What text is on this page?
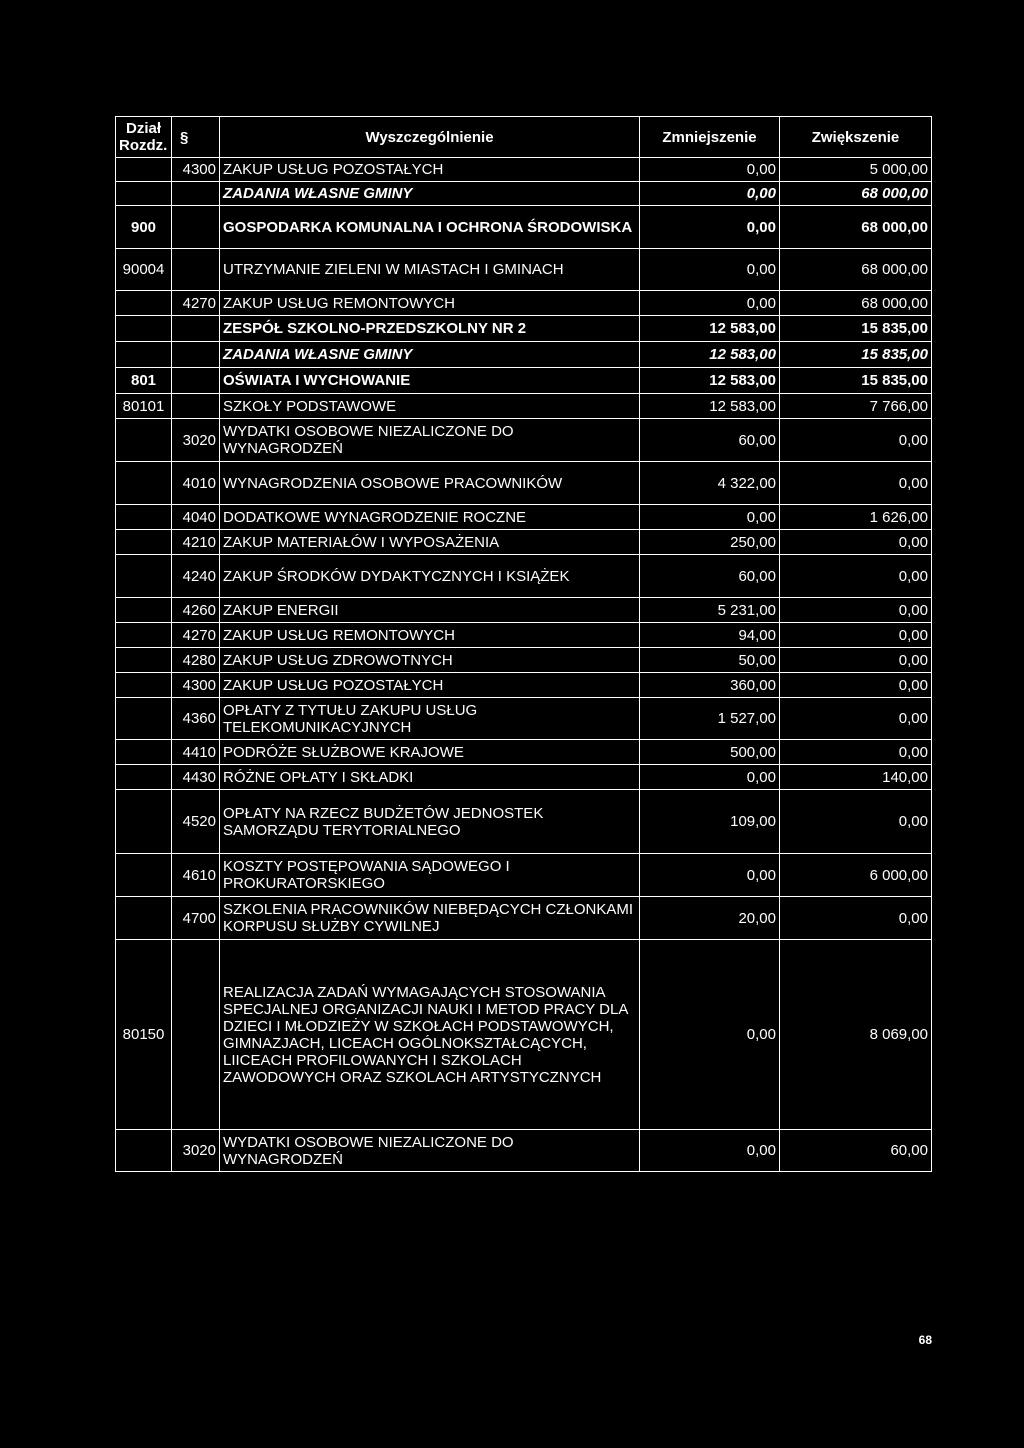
Dział
Rozdz.	§	Wyszczególnienie	Zmniejszenie	Zwiększenie
	4300	ZAKUP USŁUG POZOSTAŁYCH	0,00	5 000,00
		ZADANIA WŁASNE GMINY	0,00	68 000,00
900		GOSPODARKA KOMUNALNA I OCHRONA ŚRODOWISKA	0,00	68 000,00
90004		UTRZYMANIE ZIELENI W MIASTACH I GMINACH	0,00	68 000,00
	4270	ZAKUP USŁUG REMONTOWYCH	0,00	68 000,00
		ZESPÓŁ SZKOLNO-PRZEDSZKOLNY NR 2	12 583,00	15 835,00
		ZADANIA WŁASNE GMINY	12 583,00	15 835,00
801		OŚWIATA I WYCHOWANIE	12 583,00	15 835,00
80101		SZKOŁY PODSTAWOWE	12 583,00	7 766,00
	3020	WYDATKI OSOBOWE NIEZALICZONE DO WYNAGRODZEŃ	60,00	0,00
	4010	WYNAGRODZENIA OSOBOWE PRACOWNIKÓW	4 322,00	0,00
	4040	DODATKOWE WYNAGRODZENIE ROCZNE	0,00	1 626,00
	4210	ZAKUP MATERIAŁÓW I WYPOSAŻENIA	250,00	0,00
	4240	ZAKUP ŚRODKÓW DYDAKTYCZNYCH I KSIĄŻEK	60,00	0,00
	4260	ZAKUP ENERGII	5 231,00	0,00
	4270	ZAKUP USŁUG REMONTOWYCH	94,00	0,00
	4280	ZAKUP USŁUG ZDROWOTNYCH	50,00	0,00
	4300	ZAKUP USŁUG POZOSTAŁYCH	360,00	0,00
	4360	OPŁATY Z TYTUŁU ZAKUPU USŁUG TELEKOMUNIKACYJNYCH	1 527,00	0,00
	4410	PODRÓŻE SŁUŻBOWE KRAJOWE	500,00	0,00
	4430	RÓŻNE OPŁATY I SKŁADKI	0,00	140,00
	4520	OPŁATY NA RZECZ BUDŻETÓW JEDNOSTEK SAMORZĄDU TERYTORIALNEGO	109,00	0,00
	4610	KOSZTY POSTĘPOWANIA SĄDOWEGO I PROKURATORSKIEGO	0,00	6 000,00
	4700	SZKOLENIA PRACOWNIKÓW NIEBĘDĄCYCH CZŁONKAMI KORPUSU SŁUŻBY CYWILNEJ	20,00	0,00
80150		REALIZACJA ZADAŃ WYMAGAJĄCYCH STOSOWANIA SPECJALNEJ ORGANIZACJI NAUKI I METOD PRACY DLA DZIECI I MŁODZIEŻY W SZKOŁACH PODSTAWOWYCH, GIMNAZJACH, LICEACH OGÓLNOKSZTAŁCĄCYCH, LIICEACH PROFILOWANYCH I SZKOLACH ZAWODOWYCH ORAZ SZKOLACH ARTYSTYCZNYCH	0,00	8 069,00
	3020	WYDATKI OSOBOWE NIEZALICZONE DO WYNAGRODZEŃ	0,00	60,00
68
